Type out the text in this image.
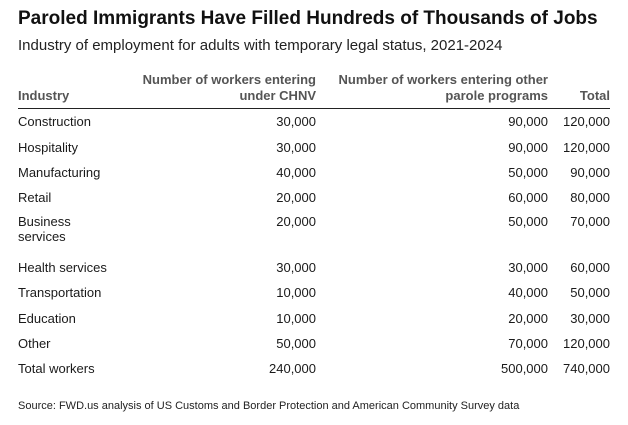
Paroled Immigrants Have Filled Hundreds of Thousands of Jobs
Industry of employment for adults with temporary legal status, 2021-2024
Industry	Number of workers entering under CHNV	Number of workers entering other parole programs	Total
Construction	30,000	90,000	120,000
Hospitality	30,000	90,000	120,000
Manufacturing	40,000	50,000	90,000
Retail	20,000	60,000	80,000
Business services	20,000	50,000	70,000
Health services	30,000	30,000	60,000
Transportation	10,000	40,000	50,000
Education	10,000	20,000	30,000
Other	50,000	70,000	120,000
Total workers	240,000	500,000	740,000
Source: FWD.us analysis of US Customs and Border Protection and American Community Survey data
